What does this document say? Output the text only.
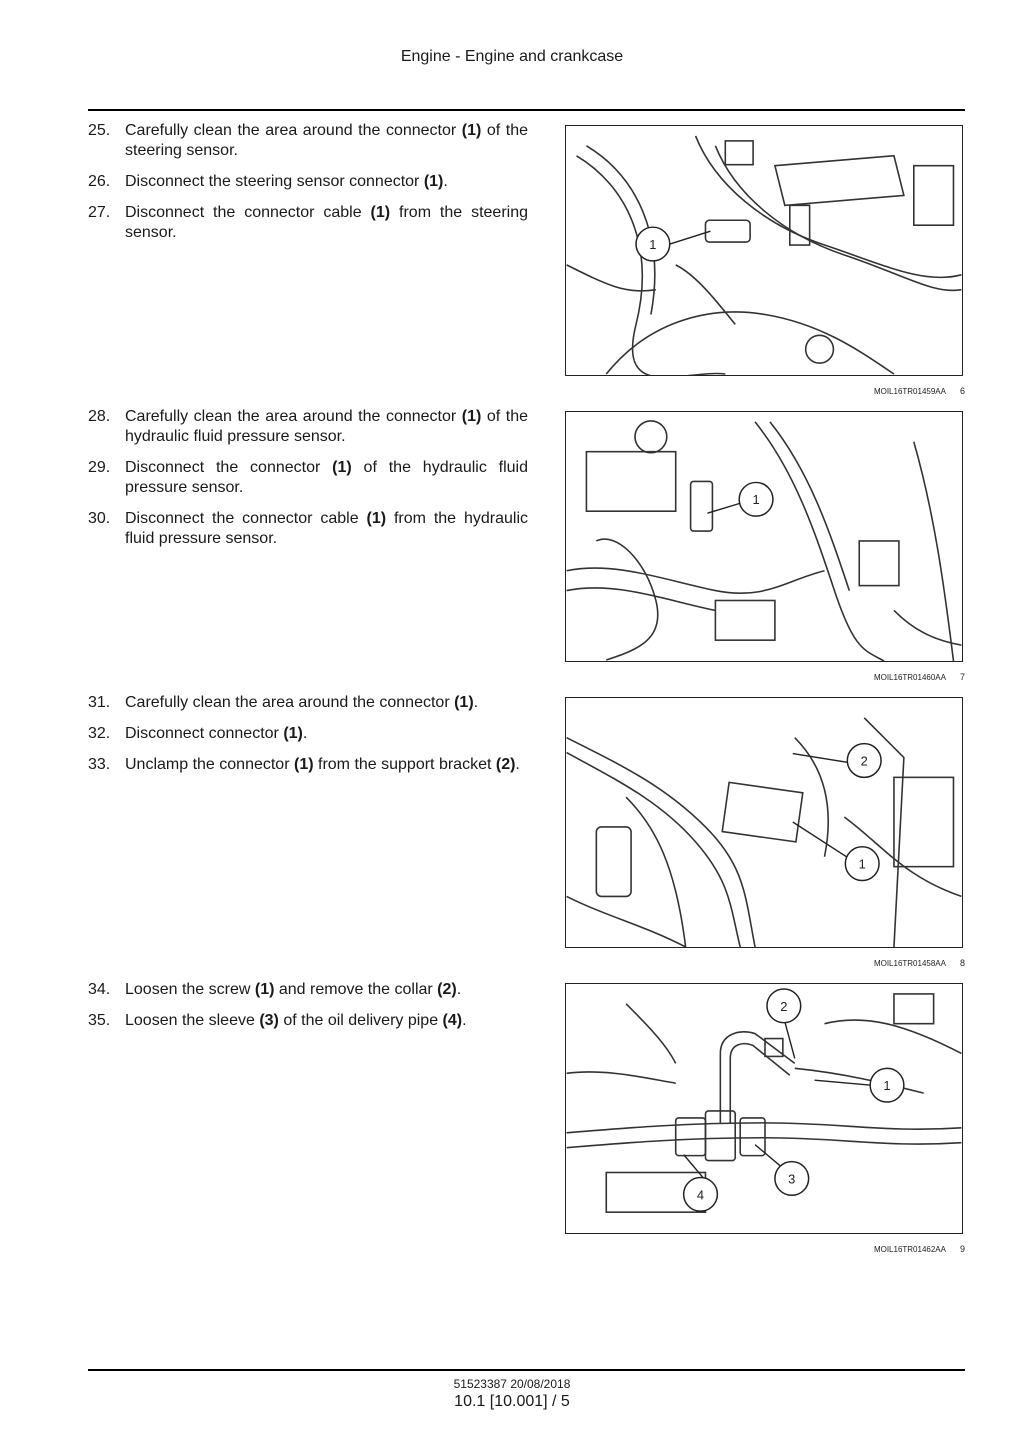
Engine - Engine and crankcase
25. Carefully clean the area around the connector (1) of the steering sensor.
26. Disconnect the steering sensor connector (1).
27. Disconnect the connector cable (1) from the steering sensor.
1
MOIL16TR01459AA 6
28. Carefully clean the area around the connector (1) of the hydraulic fluid pressure sensor.
29. Disconnect the connector (1) of the hydraulic fluid pressure sensor.
30. Disconnect the connector cable (1) from the hydraulic fluid pressure sensor.
1
MOIL16TR01460AA 7
31. Carefully clean the area around the connector (1).
32. Disconnect connector (1).
33. Unclamp the connector (1) from the support bracket (2).	2
1
MOIL16TR01458AA 8
34. Loosen the screw (1) and remove the collar (2).
35. Loosen the sleeve (3) of the oil delivery pipe (4).
2
1
3
4
MOIL16TR01462AA 9
51523387 20/08/2018
10.1 [10.001] / 5
